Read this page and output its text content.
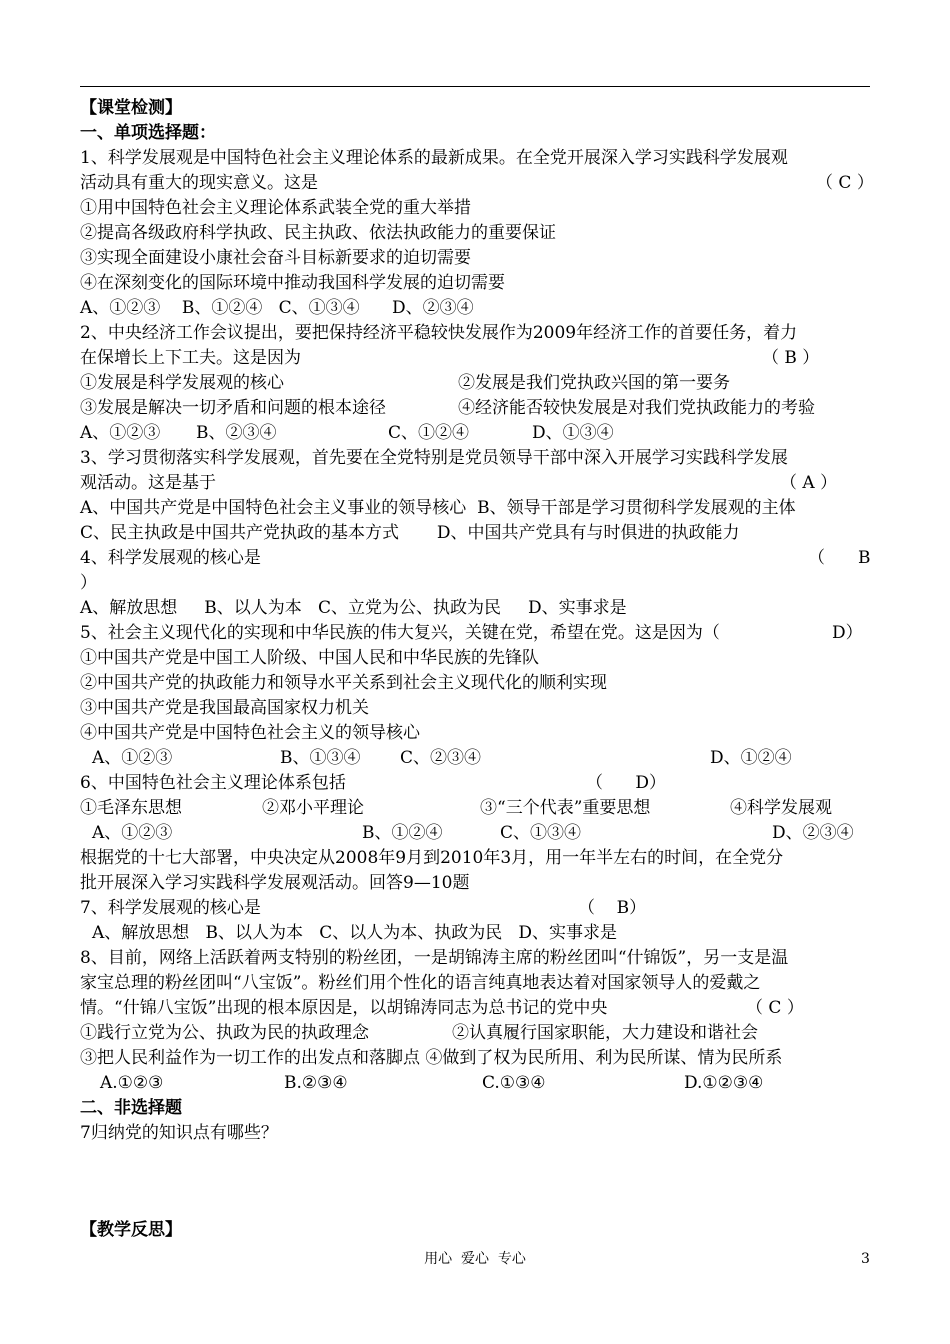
【课堂检测】
一、单项选择题：
1、科学发展观是中国特色社会主义理论体系的最新成果。在全党开展深入学习实践科学发展观
活动具有重大的现实意义。这是	（ C ）
①用中国特色社会主义理论体系武装全党的重大举措
②提高各级政府科学执政、民主执政、依法执政能力的重要保证
③实现全面建设小康社会奋斗目标新要求的迫切需要
④在深刻变化的国际环境中推动我国科学发展的迫切需要
A、①②③    B、①②④   C、①③④      D、②③④
2、中央经济工作会议提出，要把保持经济平稳较快发展作为2009年经济工作的首要任务，着力
在保增长上下工夫。这是因为	（ B ）
①发展是科学发展观的核心	②发展是我们党执政兴国的第一要务
③发展是解决一切矛盾和问题的根本途径	④经济能否较快发展是对我们党执政能力的考验
A、①②③ B、②③④	C、①②④	D、①③④
3、学习贯彻落实科学发展观，首先要在全党特别是党员领导干部中深入开展学习实践科学发展
观活动。这是基于	（ A ）
A、中国共产党是中国特色社会主义事业的领导核心  B、领导干部是学习贯彻科学发展观的主体
C、民主执政是中国共产党执政的基本方式       D、中国共产党具有与时俱进的执政能力
4、科学发展观的核心是	（ B
）
A、解放思想     B、以人为本   C、立党为公、执政为民     D、实事求是
5、社会主义现代化的实现和中华民族的伟大复兴，关键在党，希望在党。这是因为（	D）
①中国共产党是中国工人阶级、中国人民和中华民族的先锋队
②中国共产党的执政能力和领导水平关系到社会主义现代化的顺利实现
③中国共产党是我国最高国家权力机关
④中国共产党是中国特色社会主义的领导核心
A、①②③	B、①③④ C、②③④	D、①②④
6、中国特色社会主义理论体系包括	（      D）
①毛泽东思想	②邓小平理论	③“三个代表”重要思想	④科学发展观
A、①②③	B、①②④	C、①③④	D、②③④
根据党的十七大部署，中央决定从2008年9月到2010年3月，用一年半左右的时间，在全党分
批开展深入学习实践科学发展观活动。回答9—10题
7、科学发展观的核心是	（    B）
A、解放思想   B、以人为本   C、以人为本、执政为民   D、实事求是
8、目前，网络上活跃着两支特别的粉丝团，一是胡锦涛主席的粉丝团叫“什锦饭”，另一支是温
家宝总理的粉丝团叫“八宝饭”。粉丝们用个性化的语言纯真地表达着对国家领导人的爱戴之
情。“什锦八宝饭”出现的根本原因是，以胡锦涛同志为总书记的党中央	（ C ）
①践行立党为公、执政为民的执政理念	②认真履行国家职能，大力建设和谐社会
③把人民利益作为一切工作的出发点和落脚点 ④做到了权为民所用、利为民所谋、情为民所系
A.①②③	B.②③④	C.①③④	D.①②③④
二、非选择题
7归纳党的知识点有哪些？
【教学反思】
用心  爱心  专心	3
